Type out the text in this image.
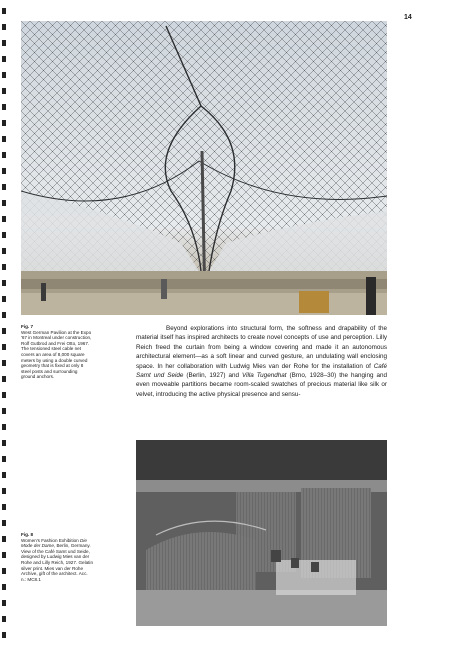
14
Fig. 7
West German Pavilion at the Expo '67 in Montreal under construction, Rolf Gutbrod and Frei Otto, 1967. The tensioned steel cable net covers an area of 8,000 square meters by using a double curved geometry that is fixed at only 8 steel posts and surrounding ground anchors.

Beyond explorations into structural form, the softness and drapability of the material itself has inspired architects to create novel concepts of use and perception. Lilly Reich freed the curtain from being a window covering and made it an autonomous architectural element—as a soft linear and curved gesture, an undulating wall enclosing space. In her collaboration with Ludwig Mies van der Rohe for the installation of Café Samt und Seide (Berlin, 1927) and Villa Tugendhat (Brno, 1928–30) the hanging and even moveable partitions became room-scaled swatches of precious material like silk or velvet, introducing the active physical presence and sensu-

Fig. 8
Women's Fashion Exhibition Die Mode der Dame, Berlin, Germany. View of the Café Samt und Seide, designed by Ludwig Mies van der Rohe and Lilly Reich, 1927. Gelatin silver print. Mies van der Rohe Archive, gift of the architect. Acc. n.: MC8.1
